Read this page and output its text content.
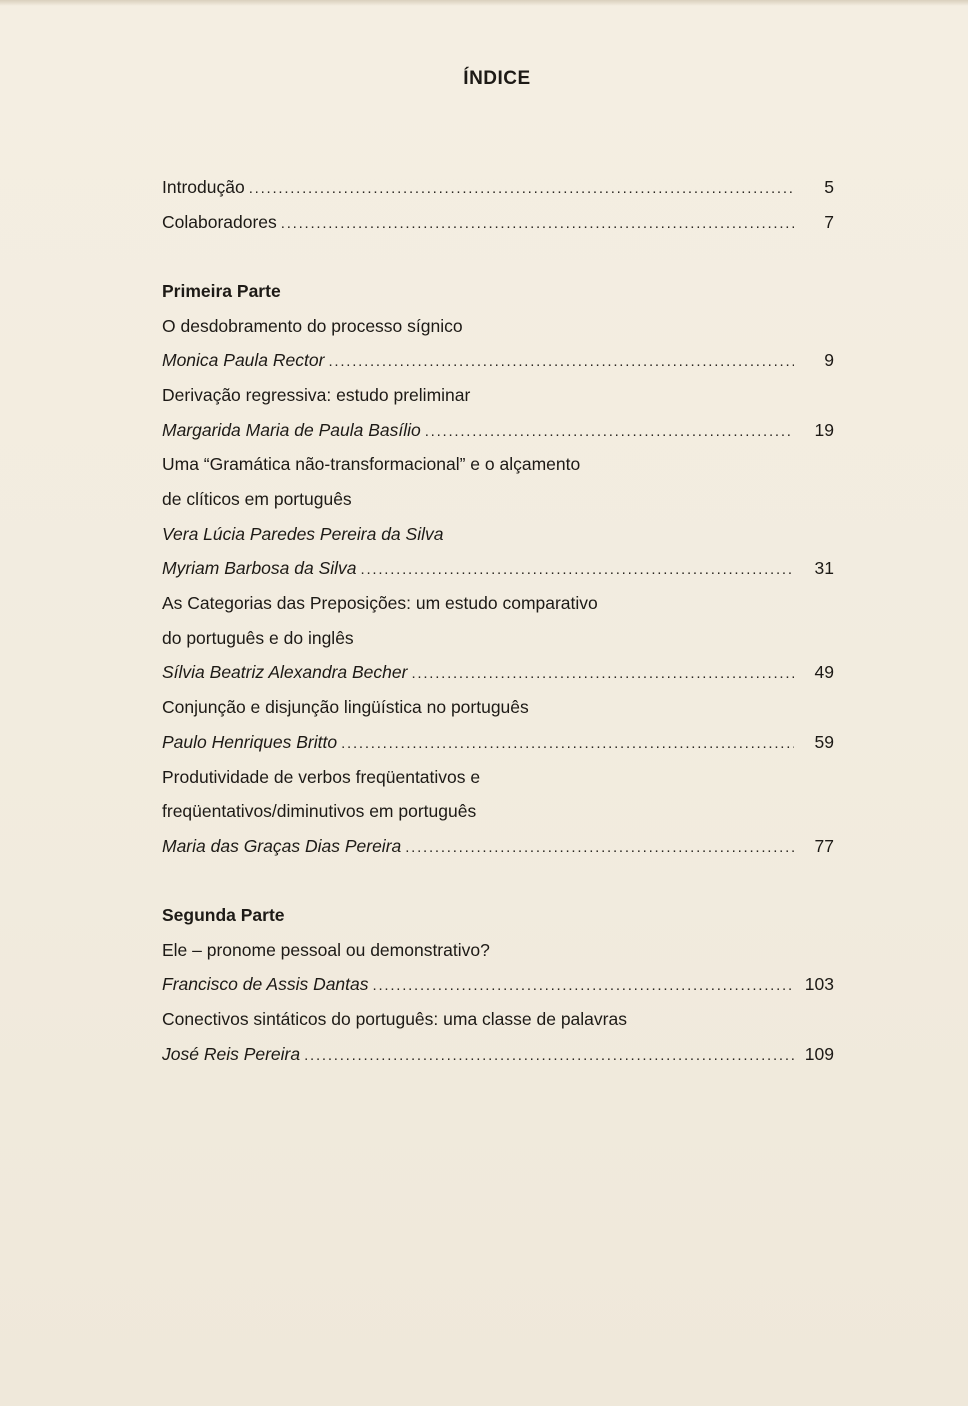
ÍNDICE
Introdução . . .	5
Colaboradores . . .	7
Primeira Parte
O desdobramento do processo sígnico
Monica Paula Rector . . .	9
Derivação regressiva: estudo preliminar
Margarida Maria de Paula Basílio . . .	19
Uma “Gramática não-transformacional” e o alçamento
de clíticos em português
Vera Lúcia Paredes Pereira da Silva
Myriam Barbosa da Silva . . .	31
As Categorias das Preposições: um estudo comparativo
do português e do inglês
Sílvia Beatriz Alexandra Becher . . .	49
Conjunção e disjunção lingüística no português
Paulo Henriques Britto . . .	59
Produtividade de verbos freqüentativos e
freqüentativos/diminutivos em português
Maria das Graças Dias Pereira . . .	77
Segunda Parte
Ele – pronome pessoal ou demonstrativo?
Francisco de Assis Dantas . . .	103
Conectivos sintáticos do português: uma classe de palavras
José Reis Pereira . . .	109
